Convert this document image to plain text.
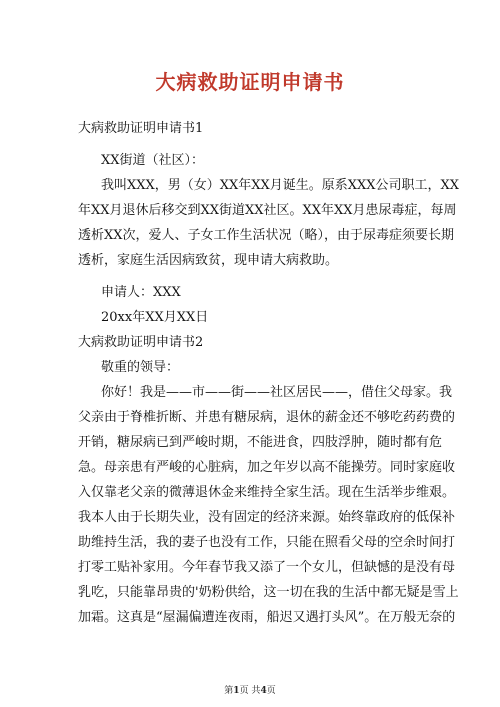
大病救助证明申请书
大病救助证明申请书1
XX街道（社区）：
我叫XXX，男（女）XX年XX月诞生。原系XXX公司职工，XX
年XX月退休后移交到XX街道XX社区。XX年XX月患尿毒症，每周
透析XX次，爱人、子女工作生活状况（略），由于尿毒症须要长期
透析，家庭生活因病致贫，现申请大病救助。
申请人：XXX
20xx年XX月XX日
大病救助证明申请书2
敬重的领导：
你好！我是——市——街——社区居民——，借住父母家。我
父亲由于脊椎折断、并患有糖尿病，退休的薪金还不够吃药药费的
开销，糖尿病已到严峻时期，不能进食，四肢浮肿，随时都有危
急。母亲患有严峻的心脏病，加之年岁以高不能操劳。同时家庭收
入仅靠老父亲的微薄退休金来维持全家生活。现在生活举步维艰。
我本人由于长期失业，没有固定的经济来源。始终靠政府的低保补
助维持生活，我的妻子也没有工作，只能在照看父母的空余时间打
打零工贴补家用。今年春节我又添了一个女儿，但缺憾的是没有母
乳吃，只能靠昂贵的'奶粉供给，这一切在我的生活中都无疑是雪上
加霜。这真是“屋漏偏遭连夜雨，船迟又遇打头风”。在万般无奈的
第1页 共4页
